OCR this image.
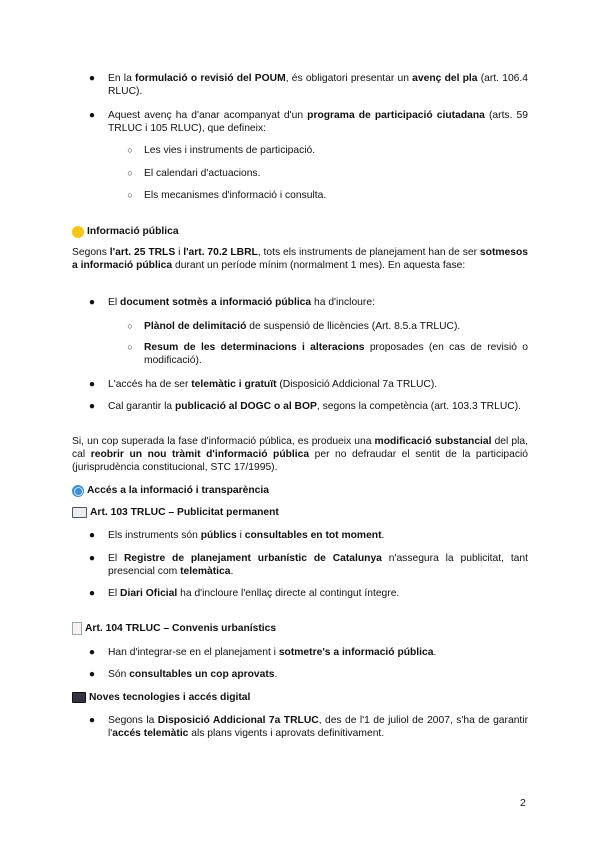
● En la formulació o revisió del POUM, és obligatori presentar un avenç del pla (art. 106.4 RLUC).
● Aquest avenç ha d'anar acompanyat d'un programa de participació ciutadana (arts. 59 TRLUC i 105 RLUC), que defineix:
○	Les vies i instruments de participació.
○	El calendari d'actuacions.
○	Els mecanismes d'informació i consulta.
Informació pública
Segons l'art. 25 TRLS i l'art. 70.2 LBRL, tots els instruments de planejament han de ser sotmesos a informació pública durant un període mínim (normalment 1 mes). En aquesta fase:
● El document sotmès a informació pública ha d'incloure:
○	Plànol de delimitació de suspensió de llicències (Art. 8.5.a TRLUC).
○	Resum de les determinacions i alteracions proposades (en cas de revisió o modificació).
● L'accés ha de ser telemàtic i gratuït (Disposició Addicional 7a TRLUC).
● Cal garantir la publicació al DOGC o al BOP, segons la competència (art. 103.3 TRLUC).
Si, un cop superada la fase d'informació pública, es produeix una modificació substancial del pla, cal reobrir un nou tràmit d'informació pública per no defraudar el sentit de la participació (jurisprudència constitucional, STC 17/1995).
Accés a la informació i transparència
Art. 103 TRLUC – Publicitat permanent
● Els instruments són públics i consultables en tot moment.
● El Registre de planejament urbanístic de Catalunya n'assegura la publicitat, tant presencial com telemàtica.
● El Diari Oficial ha d'incloure l'enllaç directe al contingut íntegre.
Art. 104 TRLUC – Convenis urbanístics
● Han d'integrar-se en el planejament i sotmetre's a informació pública.
● Són consultables un cop aprovats.
Noves tecnologies i accés digital
● Segons la Disposició Addicional 7a TRLUC, des de l'1 de juliol de 2007, s'ha de garantir l'accés telemàtic als plans vigents i aprovats definitivament.
2
